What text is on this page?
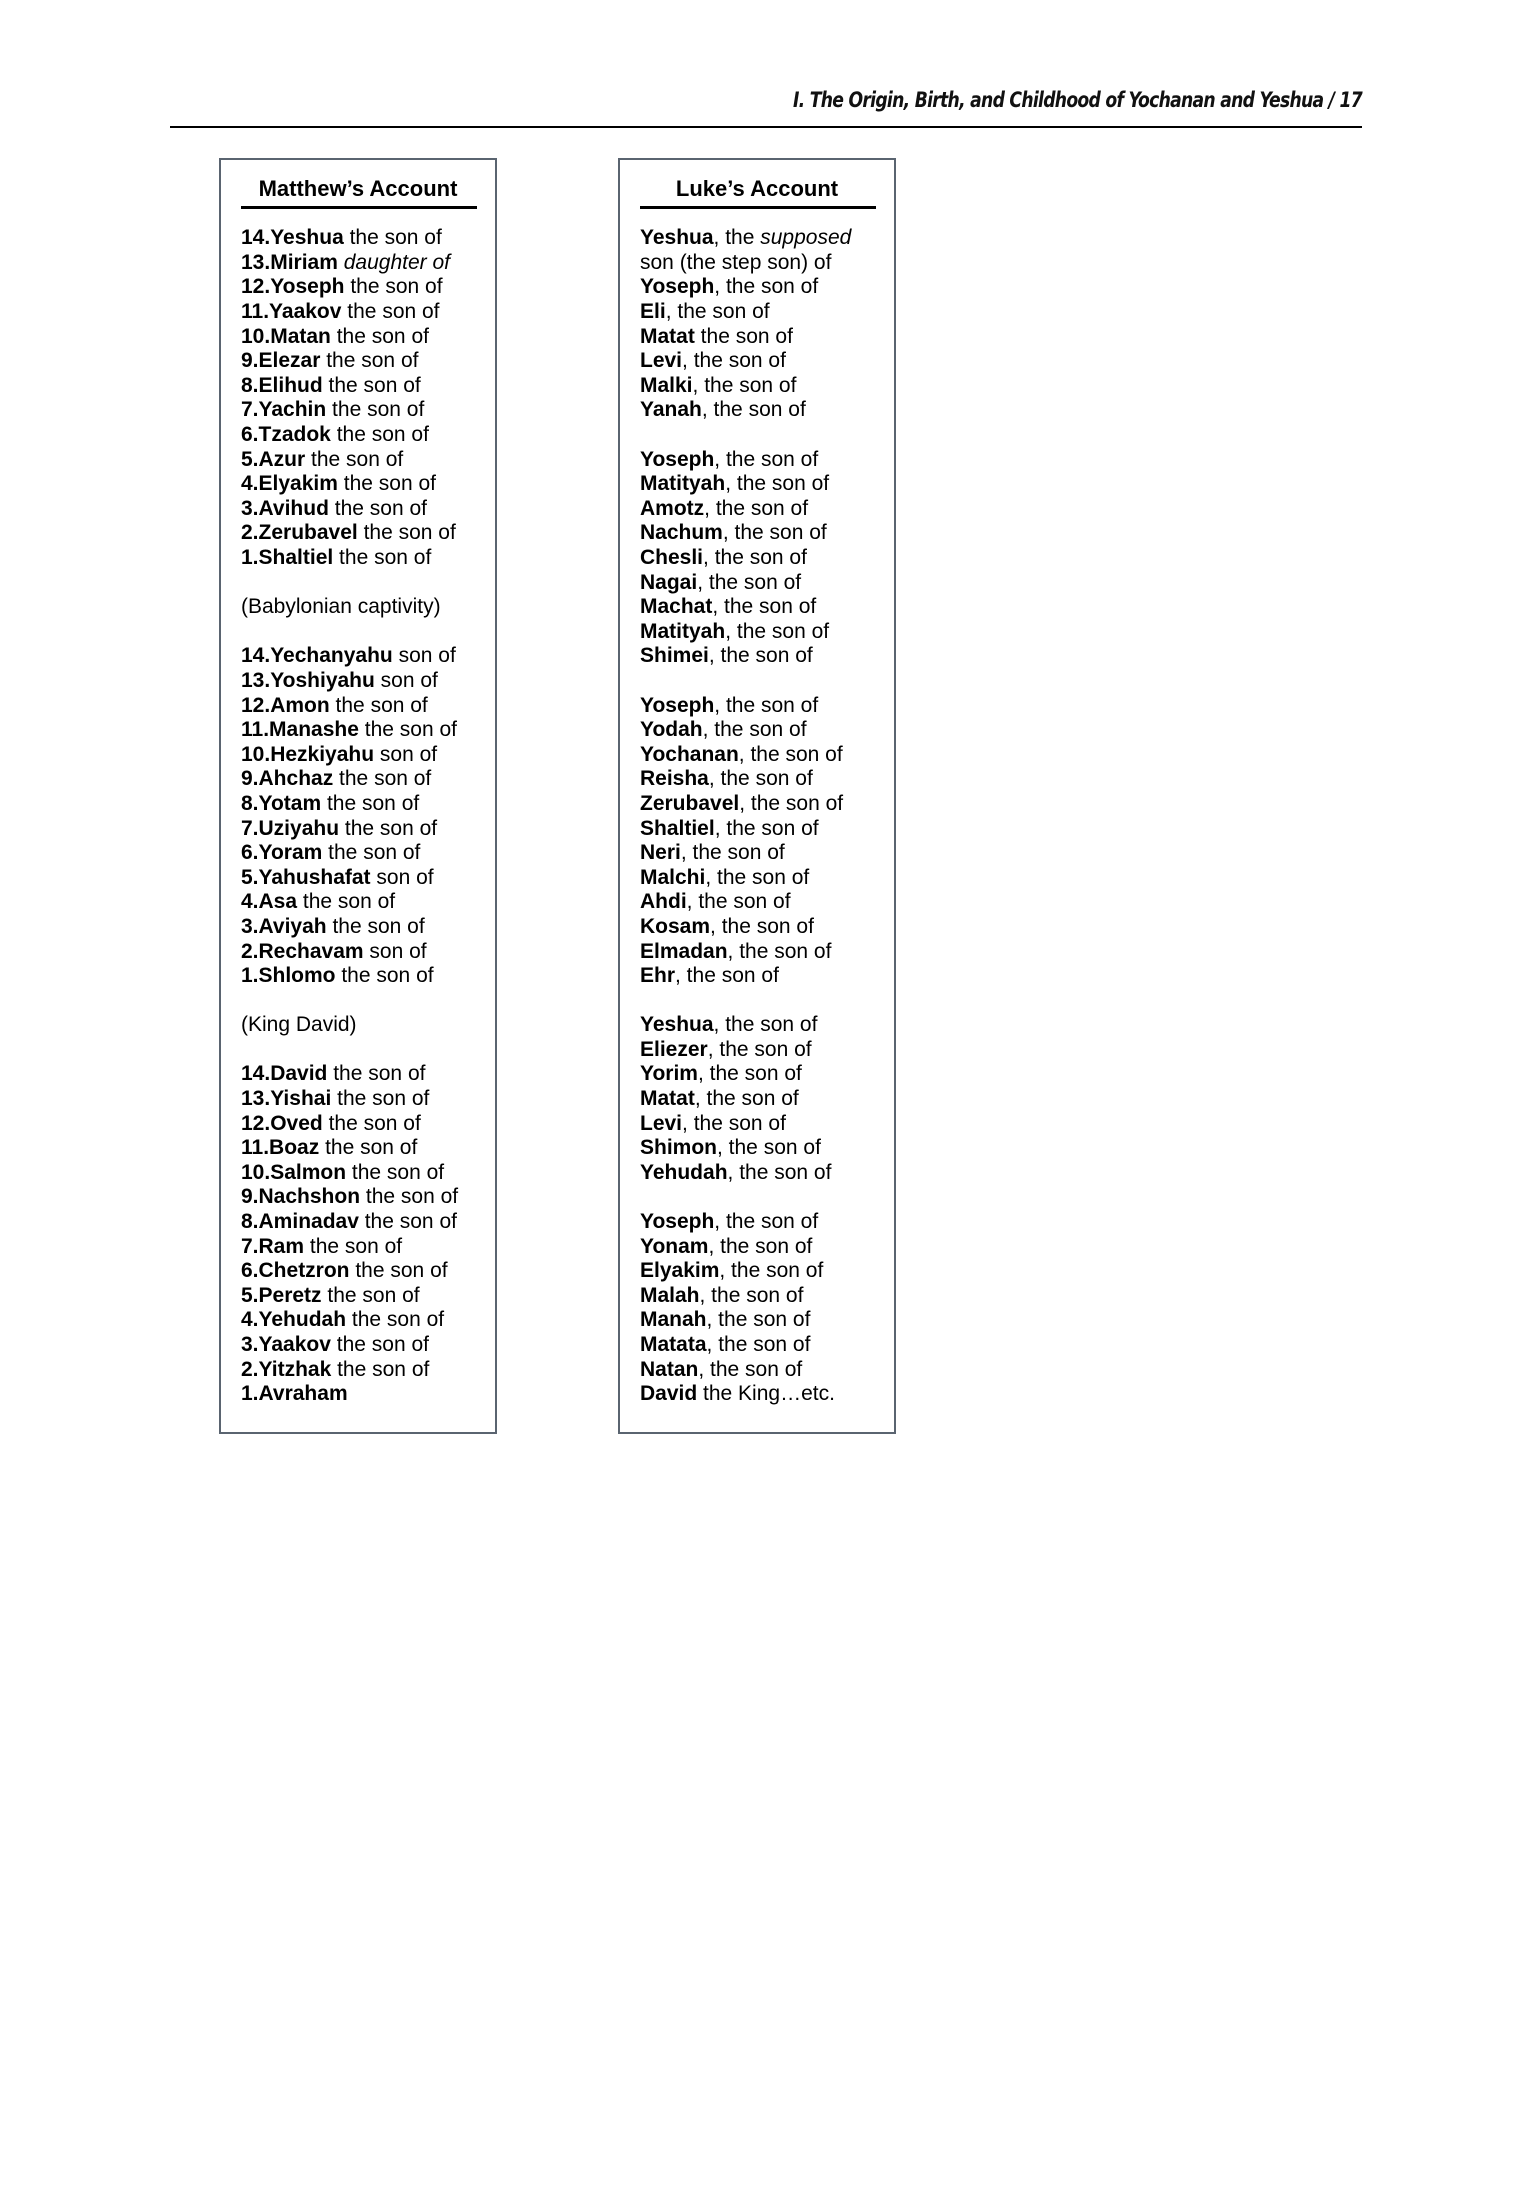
I. The Origin, Birth, and Childhood of Yochanan and Yeshua / 17
Matthew’s Account
14.Yeshua the son of
13.Miriam daughter of
12.Yoseph the son of
11.Yaakov the son of
10.Matan the son of
9.Elezar the son of
8.Elihud the son of
7.Yachin the son of
6.Tzadok the son of
5.Azur the son of
4.Elyakim the son of
3.Avihud the son of
2.Zerubavel the son of
1.Shaltiel the son of
(Babylonian captivity)
14.Yechanyahu son of
13.Yoshiyahu son of
12.Amon the son of
11.Manashe the son of
10.Hezkiyahu son of
9.Ahchaz the son of
8.Yotam the son of
7.Uziyahu the son of
6.Yoram the son of
5.Yahushafat son of
4.Asa the son of
3.Aviyah the son of
2.Rechavam son of
1.Shlomo the son of
(King David)
14.David the son of
13.Yishai the son of
12.Oved the son of
11.Boaz the son of
10.Salmon the son of
9.Nachshon the son of
8.Aminadav the son of
7.Ram the son of
6.Chetzron the son of
5.Peretz the son of
4.Yehudah the son of
3.Yaakov the son of
2.Yitzhak the son of
1.Avraham
Luke’s Account
Yeshua, the supposed
son (the step son) of
Yoseph, the son of
Eli, the son of
Matat the son of
Levi, the son of
Malki, the son of
Yanah, the son of
Yoseph, the son of
Matityah, the son of
Amotz, the son of
Nachum, the son of
Chesli, the son of
Nagai, the son of
Machat, the son of
Matityah, the son of
Shimei, the son of
Yoseph, the son of
Yodah, the son of
Yochanan, the son of
Reisha, the son of
Zerubavel, the son of
Shaltiel, the son of
Neri, the son of
Malchi, the son of
Ahdi, the son of
Kosam, the son of
Elmadan, the son of
Ehr, the son of
Yeshua, the son of
Eliezer, the son of
Yorim, the son of
Matat, the son of
Levi, the son of
Shimon, the son of
Yehudah, the son of
Yoseph, the son of
Yonam, the son of
Elyakim, the son of
Malah, the son of
Manah, the son of
Matata, the son of
Natan, the son of
David the King…etc.
